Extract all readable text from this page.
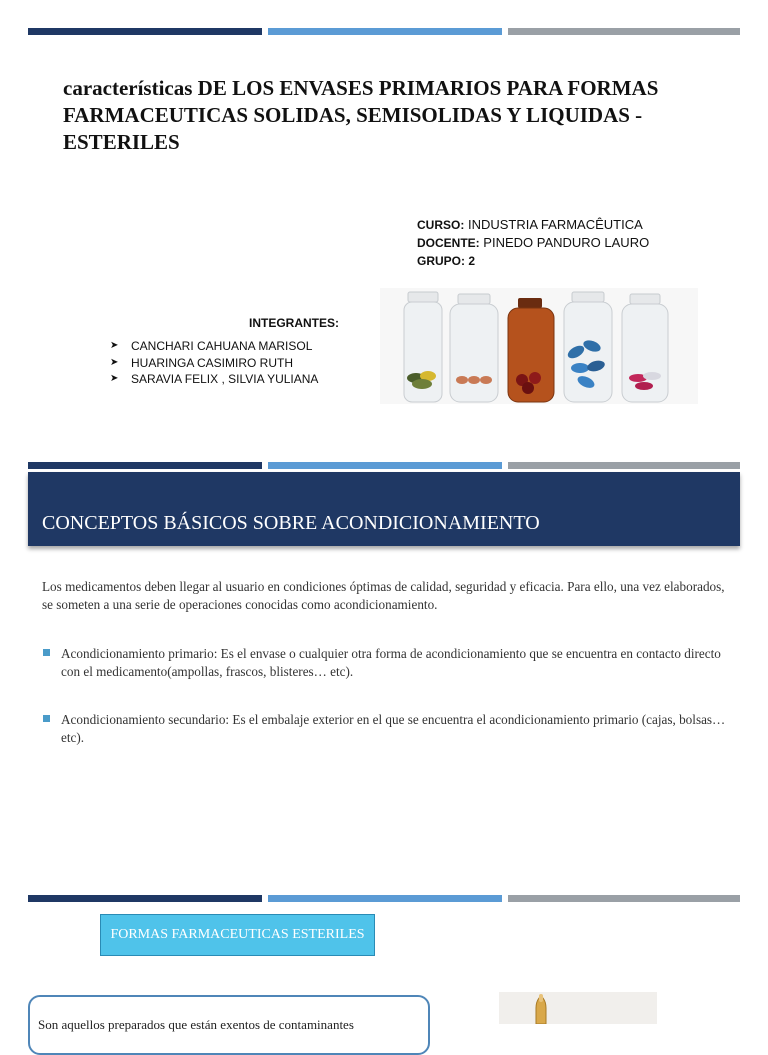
características DE LOS ENVASES PRIMARIOS PARA FORMAS FARMACEUTICAS SOLIDAS, SEMISOLIDAS Y LIQUIDAS - ESTERILES
CURSO: INDUSTRIA FARMACÊUTICA
DOCENTE: PINEDO PANDURO LAURO
GRUPO: 2
INTEGRANTES:
➤	CANCHARI CAHUANA MARISOL
➤	HUARINGA CASIMIRO RUTH
➤	SARAVIA FELIX , SILVIA YULIANA
CONCEPTOS BÁSICOS SOBRE ACONDICIONAMIENTO

Los medicamentos deben llegar al usuario en condiciones óptimas de calidad, seguridad y eficacia. Para ello, una vez elaborados, se someten a una serie de operaciones conocidas como acondicionamiento.

Acondicionamiento primario: Es el envase o cualquier otra forma de acondicionamiento que se encuentra en contacto directo con el medicamento(ampollas, frascos, blisteres… etc).
Acondicionamiento secundario: Es el embalaje exterior en el que se encuentra el acondicionamiento primario (cajas, bolsas… etc).
FORMAS FARMACEUTICAS ESTERILES

Son aquellos preparados que están exentos de contaminantes
